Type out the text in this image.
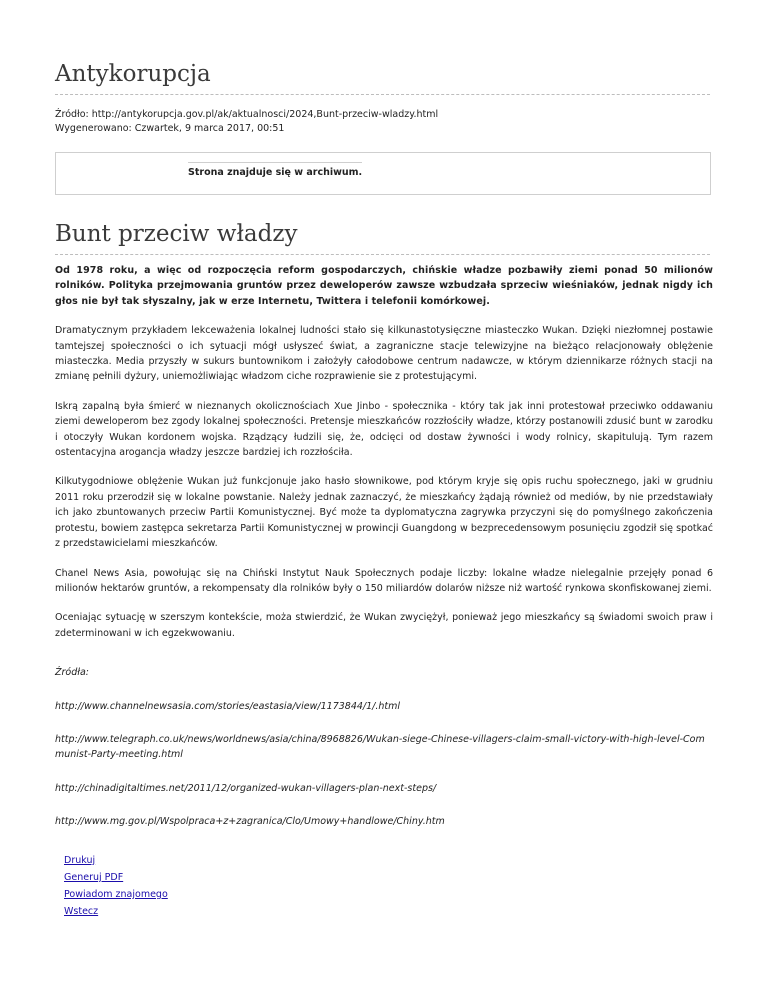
Antykorupcja
Źródło: http://antykorupcja.gov.pl/ak/aktualnosci/2024,Bunt-przeciw-wladzy.html
Wygenerowano: Czwartek, 9 marca 2017, 00:51
Strona znajduje się w archiwum.
Bunt przeciw władzy

Od 1978 roku, a więc od rozpoczęcia reform gospodarczych, chińskie władze pozbawiły ziemi ponad 50 milionów rolników. Polityka przejmowania gruntów przez deweloperów zawsze wzbudzała sprzeciw wieśniaków, jednak nigdy ich głos nie był tak słyszalny, jak w erze Internetu, Twittera i telefonii komórkowej.

Dramatycznym przykładem lekceważenia lokalnej ludności stało się kilkunastotysięczne miasteczko Wukan. Dzięki niezłomnej postawie tamtejszej społeczności o ich sytuacji mógł usłyszeć świat, a zagraniczne stacje telewizyjne na bieżąco relacjonowały oblężenie miasteczka. Media przyszły w sukurs buntownikom i założyły całodobowe centrum nadawcze, w którym dziennikarze różnych stacji na zmianę pełnili dyżury, uniemożliwiając władzom ciche rozprawienie sie z protestującymi.

Iskrą zapalną była śmierć w nieznanych okolicznościach Xue Jinbo - społecznika - który tak jak inni protestował przeciwko oddawaniu ziemi deweloperom bez zgody lokalnej społeczności. Pretensje mieszkańców rozzłościły władze, którzy postanowili zdusić bunt w zarodku i otoczyły Wukan kordonem wojska. Rządzący łudzili się, że, odcięci od dostaw żywności i wody rolnicy, skapitulują. Tym razem ostentacyjna arogancja władzy jeszcze bardziej ich rozzłościła.

Kilkutygodniowe oblężenie Wukan już funkcjonuje jako hasło słownikowe, pod którym kryje się opis ruchu społecznego, jaki w grudniu 2011 roku przerodził się w lokalne powstanie. Należy jednak zaznaczyć, że mieszkańcy żądają również od mediów, by nie przedstawiały ich jako zbuntowanych przeciw Partii Komunistycznej. Być może ta dyplomatyczna zagrywka przyczyni się do pomyślnego zakończenia protestu, bowiem zastępca sekretarza Partii Komunistycznej w prowincji Guangdong w bezprecedensowym posunięciu zgodził się spotkać z przedstawicielami mieszkańców.

Chanel News Asia, powołując się na Chiński Instytut Nauk Społecznych podaje liczby: lokalne władze nielegalnie przejęły ponad 6 milionów hektarów gruntów, a rekompensaty dla rolników były o 150 miliardów dolarów niższe niż wartość rynkowa skonfiskowanej ziemi.

Oceniając sytuację w szerszym kontekście, moża stwierdzić, że Wukan zwyciężył, ponieważ jego mieszkańcy są świadomi swoich praw i zdeterminowani w ich egzekwowaniu.

Źródła:

http://www.channelnewsasia.com/stories/eastasia/view/1173844/1/.html

http://www.telegraph.co.uk/news/worldnews/asia/china/8968826/Wukan-siege-Chinese-villagers-claim-small-victory-with-high-level-Communist-Party-meeting.html

http://chinadigitaltimes.net/2011/12/organized-wukan-villagers-plan-next-steps/

http://www.mg.gov.pl/Wspolpraca+z+zagranica/Clo/Umowy+handlowe/Chiny.htm

Drukuj
Generuj PDF
Powiadom znajomego
Wstecz
